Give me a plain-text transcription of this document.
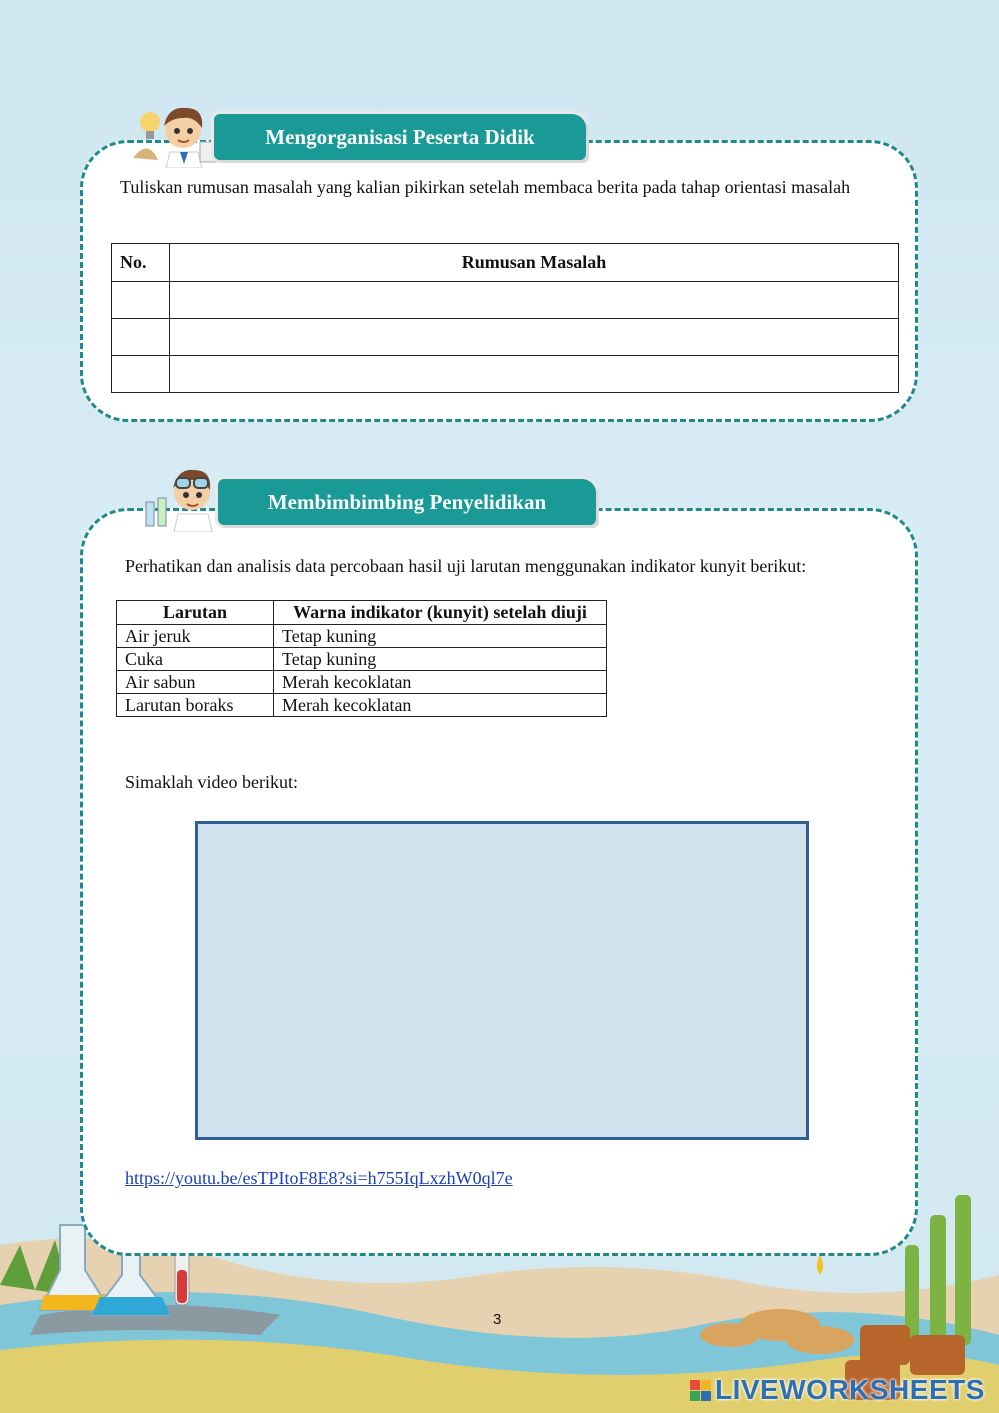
Mengorganisasi Peserta Didik
Tuliskan rumusan masalah yang kalian pikirkan setelah membaca berita pada tahap orientasi masalah
No.	Rumusan Masalah

Membimbimbing Penyelidikan
Perhatikan dan analisis data percobaan hasil uji larutan menggunakan indikator kunyit berikut:
Larutan	Warna indikator (kunyit) setelah diuji
Air jeruk	Tetap kuning
Cuka	Tetap kuning
Air sabun	Merah kecoklatan
Larutan boraks	Merah kecoklatan
Simaklah video berikut:
https://youtu.be/esTPItoF8E8?si=h755IqLxzhW0ql7e
3
LIVEWORKSHEETS
